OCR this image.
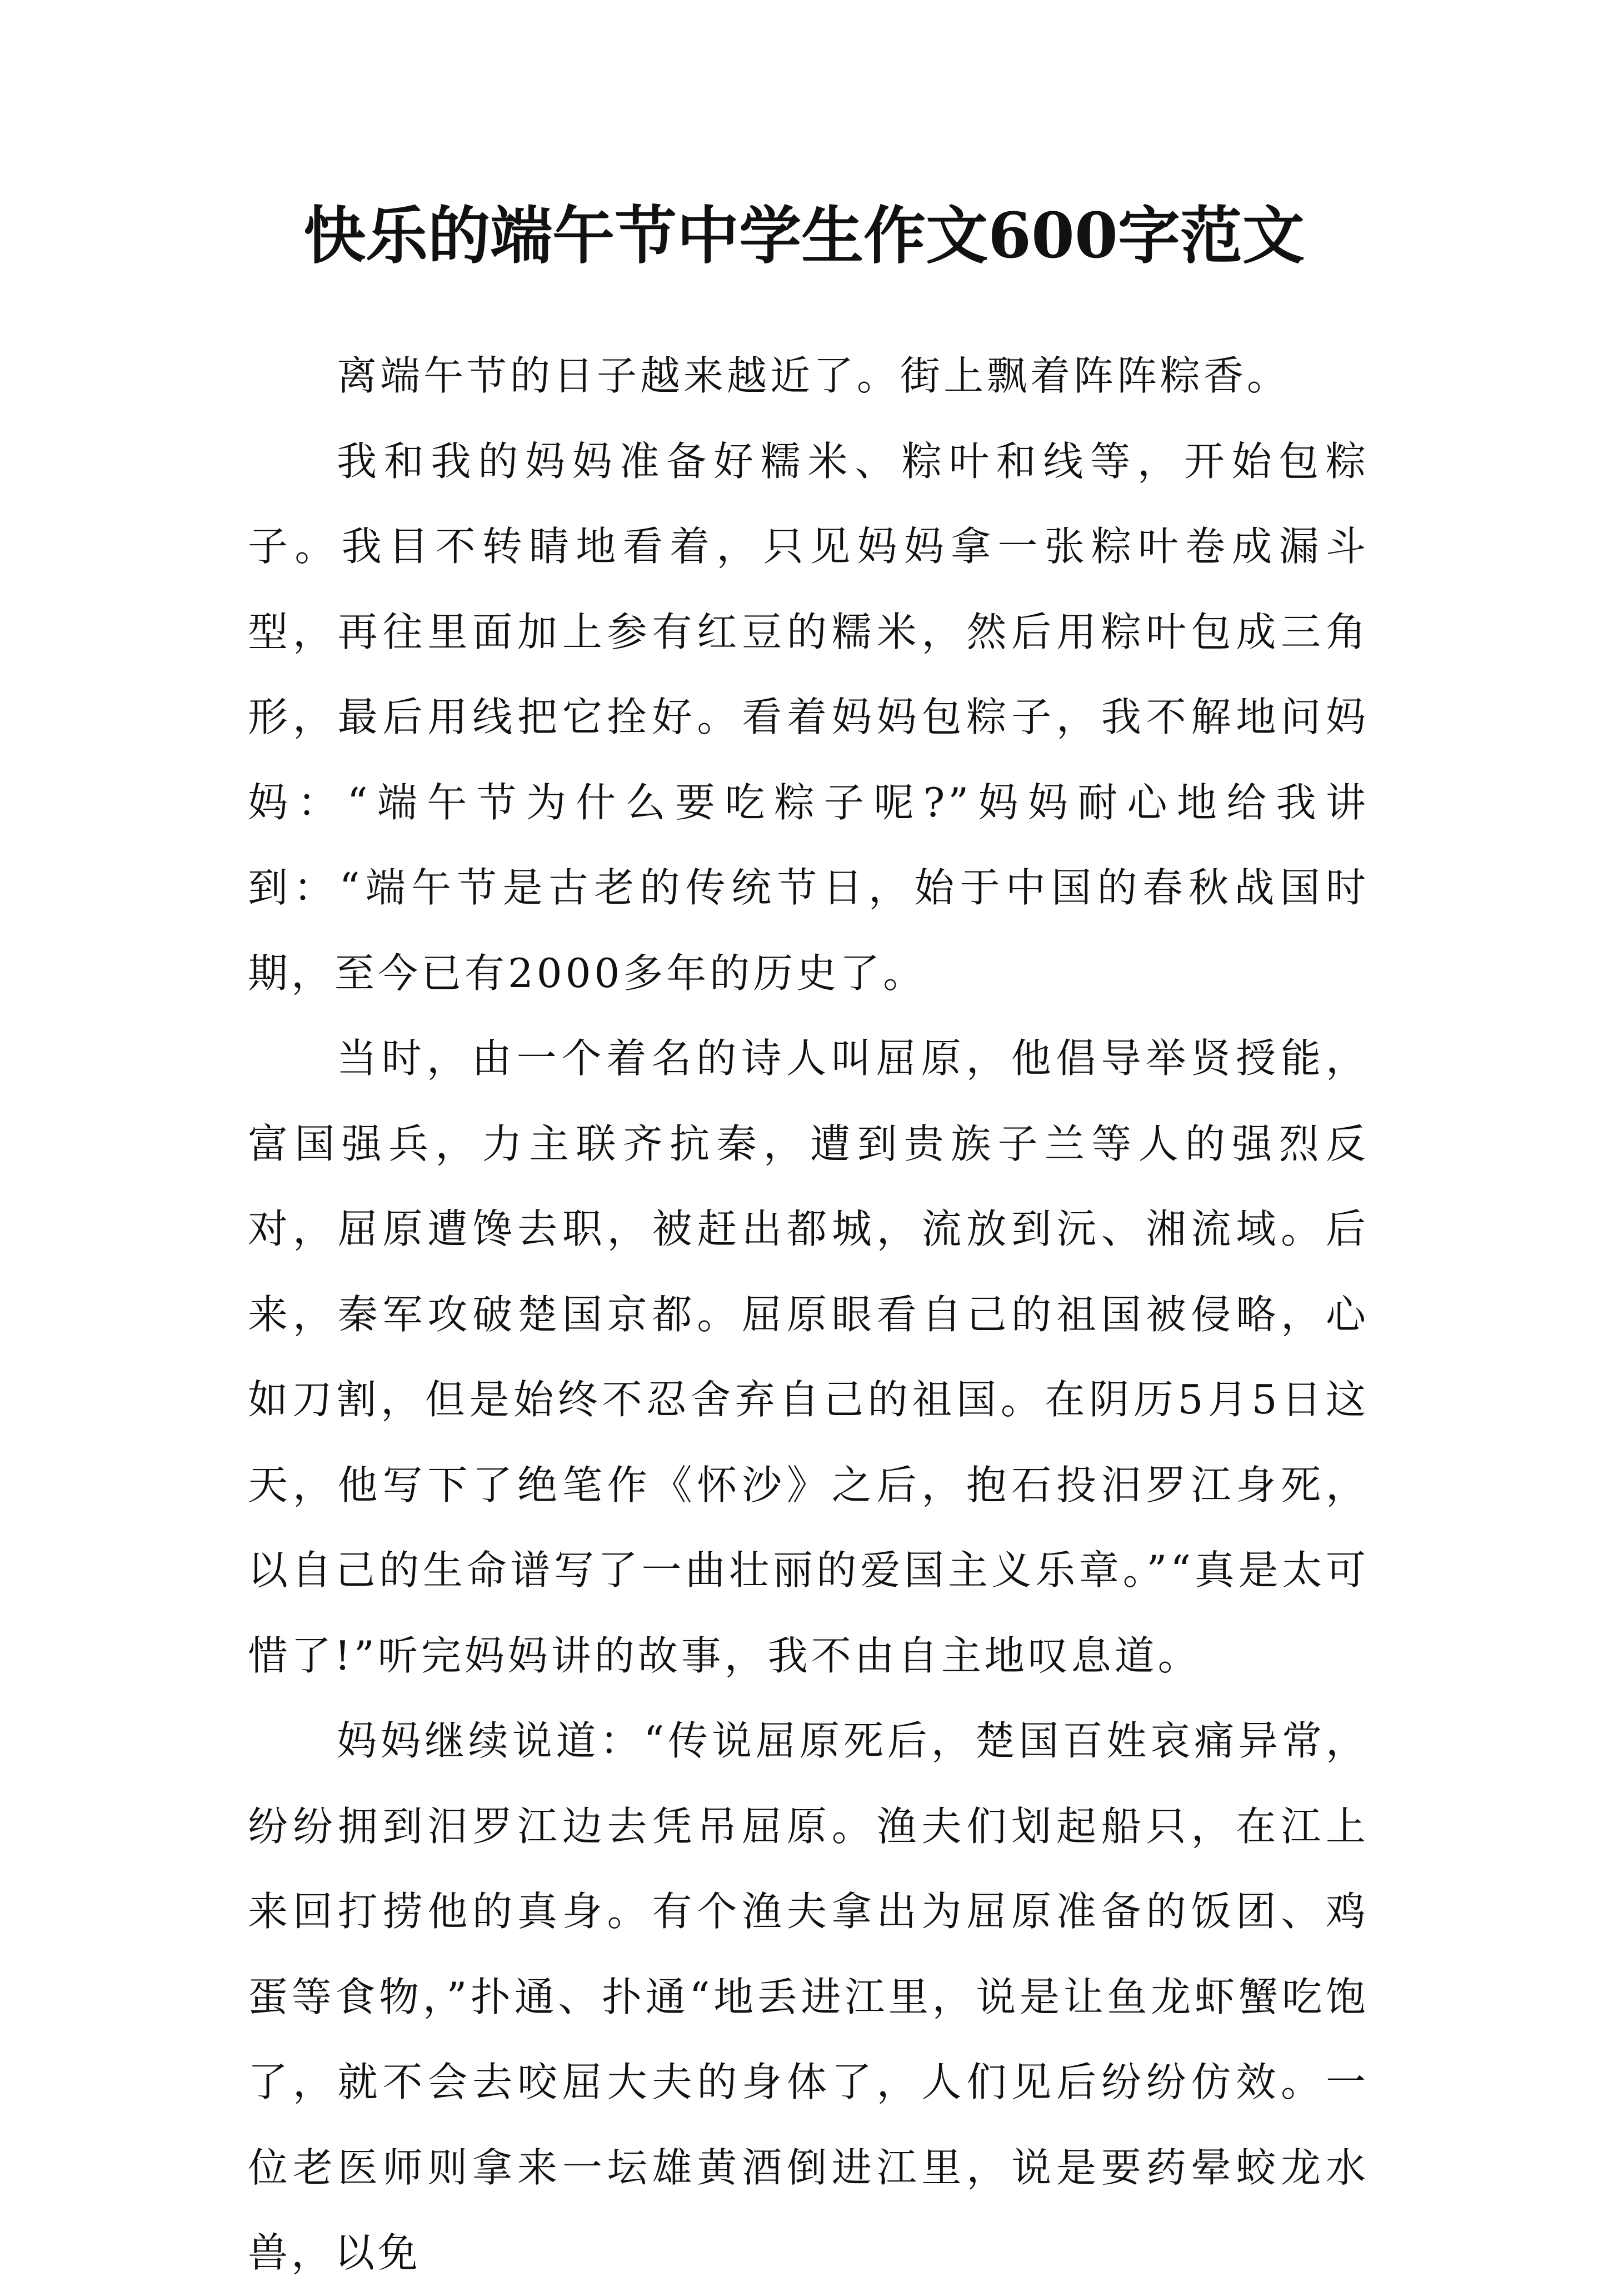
快乐的端午节中学生作文600字范文

离端午节的日子越来越近了。街上飘着阵阵粽香。

我和我的妈妈准备好糯米、粽叶和线等，开始包粽子。我目不转睛地看着，只见妈妈拿一张粽叶卷成漏斗型，再往里面加上参有红豆的糯米，然后用粽叶包成三角形，最后用线把它拴好。看着妈妈包粽子，我不解地问妈妈：“端午节为什么要吃粽子呢?”妈妈耐心地给我讲到：“端午节是古老的传统节日，始于中国的春秋战国时期，至今已有2000多年的历史了。

当时，由一个着名的诗人叫屈原，他倡导举贤授能，富国强兵，力主联齐抗秦，遭到贵族子兰等人的强烈反对，屈原遭馋去职，被赶出都城，流放到沅、湘流域。后来，秦军攻破楚国京都。屈原眼看自己的祖国被侵略，心如刀割，但是始终不忍舍弃自己的祖国。在阴历5月5日这天，他写下了绝笔作《怀沙》之后，抱石投汨罗江身死，以自己的生命谱写了一曲壮丽的爱国主义乐章。”“真是太可惜了!”听完妈妈讲的故事，我不由自主地叹息道。

妈妈继续说道：“传说屈原死后，楚国百姓哀痛异常，纷纷拥到汨罗江边去凭吊屈原。渔夫们划起船只，在江上来回打捞他的真身。有个渔夫拿出为屈原准备的饭团、鸡蛋等食物，”扑通、扑通“地丢进江里，说是让鱼龙虾蟹吃饱了，就不会去咬屈大夫的身体了，人们见后纷纷仿效。一位老医师则拿来一坛雄黄酒倒进江里，说是要药晕蛟龙水兽，以免
